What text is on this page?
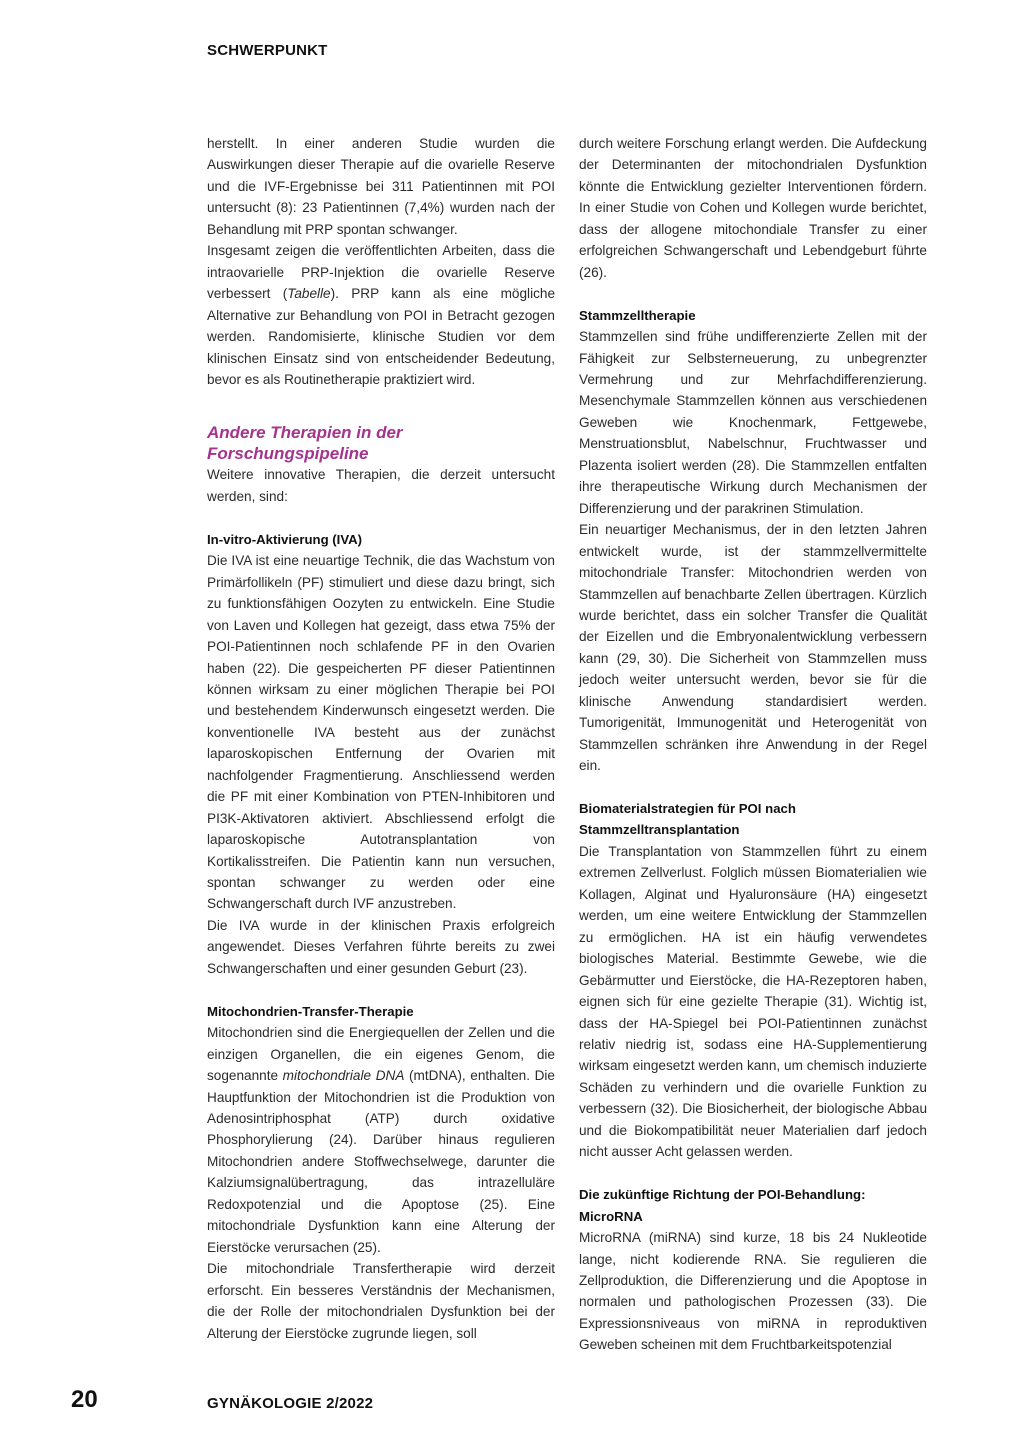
SCHWERPUNKT

herstellt. In einer anderen Studie wurden die Auswirkungen dieser Therapie auf die ovarielle Reserve und die IVF-Ergebnisse bei 311 Patientinnen mit POI untersucht (8): 23 Patientinnen (7,4%) wurden nach der Behandlung mit PRP spontan schwanger.

Insgesamt zeigen die veröffentlichten Arbeiten, dass die intraovarielle PRP-Injektion die ovarielle Reserve verbessert (Tabelle). PRP kann als eine mögliche Alternative zur Behandlung von POI in Betracht gezogen werden. Randomisierte, klinische Studien vor dem klinischen Einsatz sind von entscheidender Bedeutung, bevor es als Routinetherapie praktiziert wird.

Andere Therapien in der Forschungspipeline

Weitere innovative Therapien, die derzeit untersucht werden, sind:

In-vitro-Aktivierung (IVA)

Die IVA ist eine neuartige Technik, die das Wachstum von Primärfollikeln (PF) stimuliert und diese dazu bringt, sich zu funktionsfähigen Oozyten zu entwickeln. Eine Studie von Laven und Kollegen hat gezeigt, dass etwa 75% der POI-Patientinnen noch schlafende PF in den Ovarien haben (22). Die gespeicherten PF dieser Patientinnen können wirksam zu einer möglichen Therapie bei POI und bestehendem Kinderwunsch eingesetzt werden. Die konventionelle IVA besteht aus der zunächst laparoskopischen Entfernung der Ovarien mit nachfolgender Fragmentierung. Anschliessend werden die PF mit einer Kombination von PTEN-Inhibitoren und PI3K-Aktivatoren aktiviert. Abschliessend erfolgt die laparoskopische Autotransplantation von Kortikalisstreifen. Die Patientin kann nun versuchen, spontan schwanger zu werden oder eine Schwangerschaft durch IVF anzustreben.

Die IVA wurde in der klinischen Praxis erfolgreich angewendet. Dieses Verfahren führte bereits zu zwei Schwangerschaften und einer gesunden Geburt (23).

Mitochondrien-Transfer-Therapie

Mitochondrien sind die Energiequellen der Zellen und die einzigen Organellen, die ein eigenes Genom, die sogenannte mitochondriale DNA (mtDNA), enthalten. Die Hauptfunktion der Mitochondrien ist die Produktion von Adenosintriphosphat (ATP) durch oxidative Phosphorylierung (24). Darüber hinaus regulieren Mitochondrien andere Stoffwechselwege, darunter die Kalziumsignalübertragung, das intrazelluläre Redoxpotenzial und die Apoptose (25). Eine mitochondriale Dysfunktion kann eine Alterung der Eierstöcke verursachen (25).

Die mitochondriale Transfertherapie wird derzeit erforscht. Ein besseres Verständnis der Mechanismen, die der Rolle der mitochondrialen Dysfunktion bei der Alterung der Eierstöcke zugrunde liegen, soll

durch weitere Forschung erlangt werden. Die Aufdeckung der Determinanten der mitochondrialen Dysfunktion könnte die Entwicklung gezielter Interventionen fördern. In einer Studie von Cohen und Kollegen wurde berichtet, dass der allogene mitochondiale Transfer zu einer erfolgreichen Schwangerschaft und Lebendgeburt führte (26).

Stammzelltherapie

Stammzellen sind frühe undifferenzierte Zellen mit der Fähigkeit zur Selbsterneuerung, zu unbegrenzter Vermehrung und zur Mehrfachdifferenzierung. Mesenchymale Stammzellen können aus verschiedenen Geweben wie Knochenmark, Fettgewebe, Menstruationsblut, Nabelschnur, Fruchtwasser und Plazenta isoliert werden (28). Die Stammzellen entfalten ihre therapeutische Wirkung durch Mechanismen der Differenzierung und der parakrinen Stimulation.

Ein neuartiger Mechanismus, der in den letzten Jahren entwickelt wurde, ist der stammzellvermittelte mitochondriale Transfer: Mitochondrien werden von Stammzellen auf benachbarte Zellen übertragen. Kürzlich wurde berichtet, dass ein solcher Transfer die Qualität der Eizellen und die Embryonalentwicklung verbessern kann (29, 30). Die Sicherheit von Stammzellen muss jedoch weiter untersucht werden, bevor sie für die klinische Anwendung standardisiert werden. Tumorigenität, Immunogenität und Heterogenität von Stammzellen schränken ihre Anwendung in der Regel ein.

Biomaterialstrategien für POI nach Stammzelltransplantation

Die Transplantation von Stammzellen führt zu einem extremen Zellverlust. Folglich müssen Biomaterialien wie Kollagen, Alginat und Hyaluronsäure (HA) eingesetzt werden, um eine weitere Entwicklung der Stammzellen zu ermöglichen. HA ist ein häufig verwendetes biologisches Material. Bestimmte Gewebe, wie die Gebärmutter und Eierstöcke, die HA-Rezeptoren haben, eignen sich für eine gezielte Therapie (31). Wichtig ist, dass der HA-Spiegel bei POI-Patientinnen zunächst relativ niedrig ist, sodass eine HA-Supplementierung wirksam eingesetzt werden kann, um chemisch induzierte Schäden zu verhindern und die ovarielle Funktion zu verbessern (32). Die Biosicherheit, der biologische Abbau und die Biokompatibilität neuer Materialien darf jedoch nicht ausser Acht gelassen werden.

Die zukünftige Richtung der POI-Behandlung: MicroRNA

MicroRNA (miRNA) sind kurze, 18 bis 24 Nukleotide lange, nicht kodierende RNA. Sie regulieren die Zellproduktion, die Differenzierung und die Apoptose in normalen und pathologischen Prozessen (33). Die Expressionsniveaus von miRNA in reproduktiven Geweben scheinen mit dem Fruchtbarkeitspotenzial

20	GYNÄKOLOGIE 2/2022
